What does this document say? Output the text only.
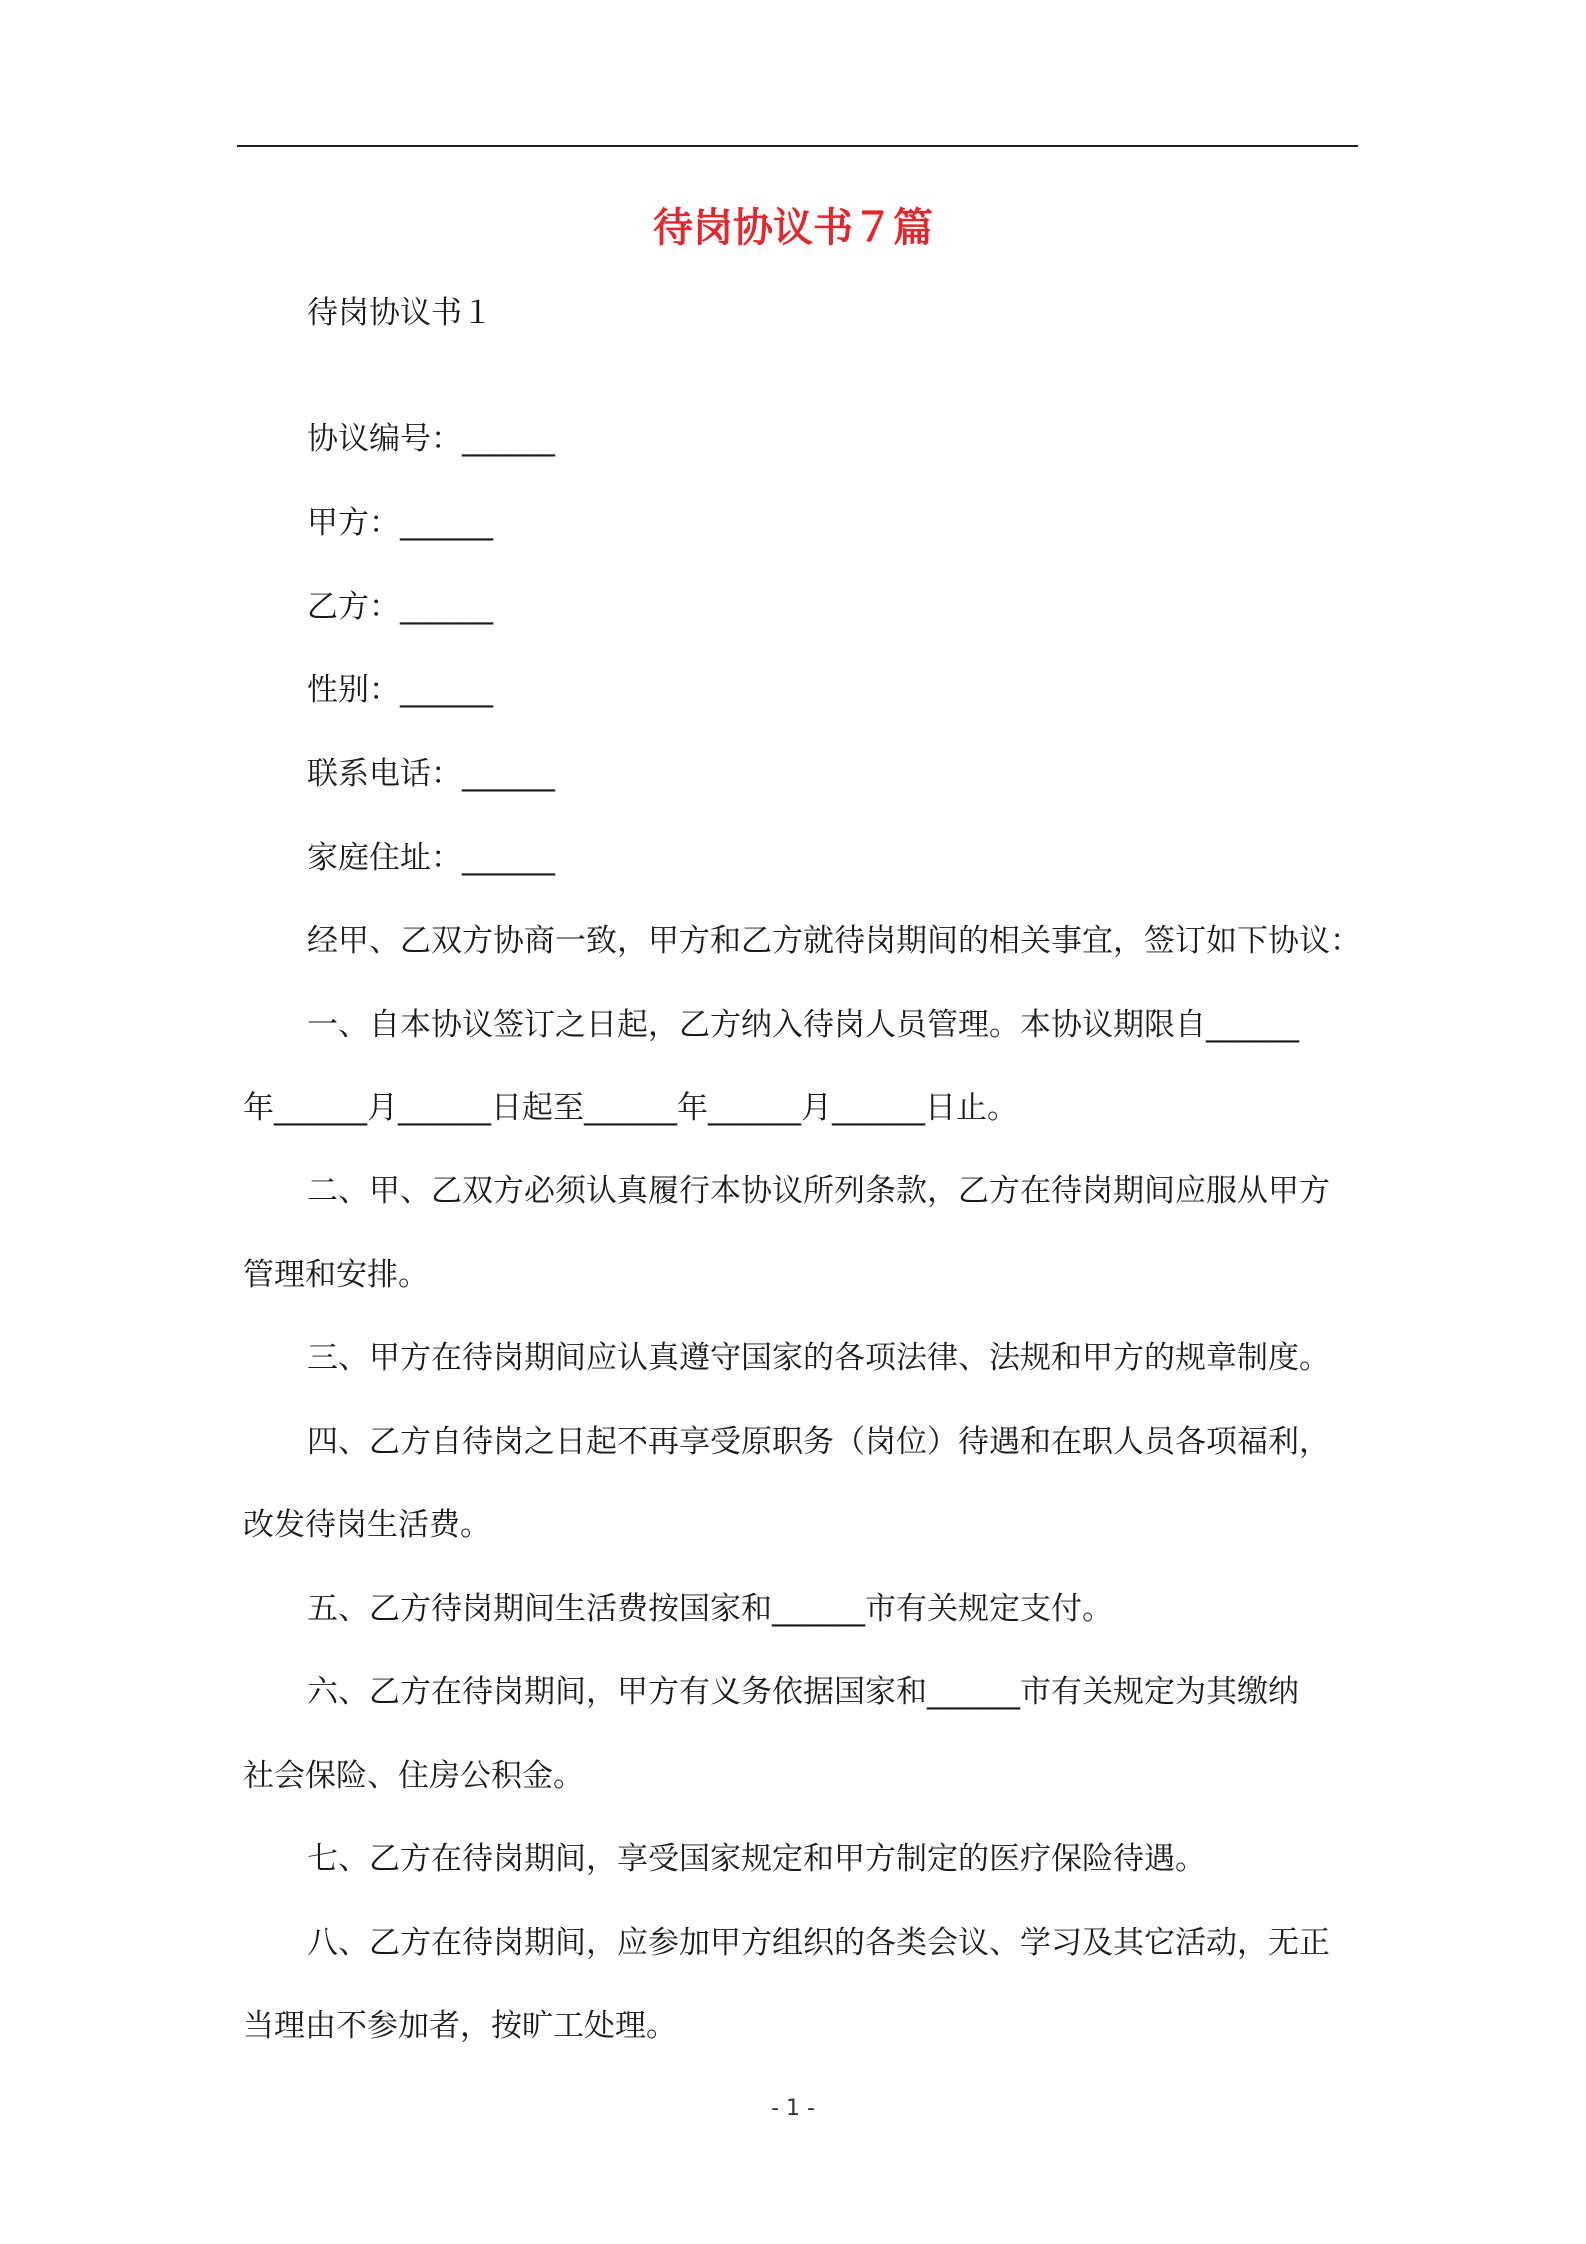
待岗协议书７篇
待岗协议书１
协议编号：______
甲方：______
乙方：______
性别：______
联系电话：______
家庭住址：______
经甲、乙双方协商一致，甲方和乙方就待岗期间的相关事宜，签订如下协议：
一、自本协议签订之日起，乙方纳入待岗人员管理。本协议期限自______
年______月______日起至______年______月______日止。
二、甲、乙双方必须认真履行本协议所列条款，乙方在待岗期间应服从甲方
管理和安排。
三、甲方在待岗期间应认真遵守国家的各项法律、法规和甲方的规章制度。
四、乙方自待岗之日起不再享受原职务（岗位）待遇和在职人员各项福利，
改发待岗生活费。
五、乙方待岗期间生活费按国家和______市有关规定支付。
六、乙方在待岗期间，甲方有义务依据国家和______市有关规定为其缴纳
社会保险、住房公积金。
七、乙方在待岗期间，享受国家规定和甲方制定的医疗保险待遇。
八、乙方在待岗期间，应参加甲方组织的各类会议、学习及其它活动，无正
当理由不参加者，按旷工处理。
- 1 -
